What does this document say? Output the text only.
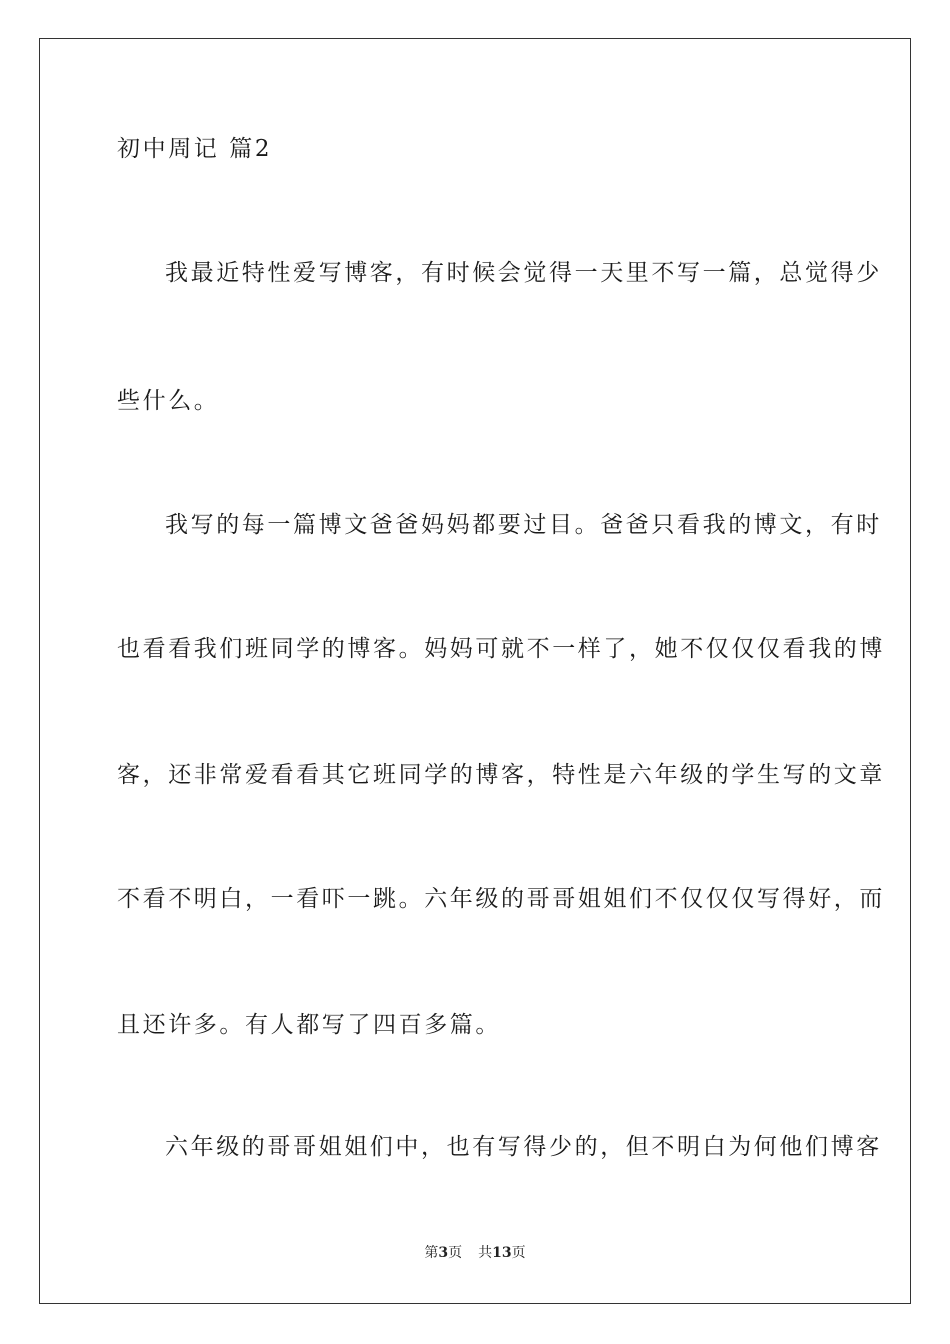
初中周记 篇2
我最近特性爱写博客，有时候会觉得一天里不写一篇，总觉得少
些什么。
我写的每一篇博文爸爸妈妈都要过目。爸爸只看我的博文，有时
也看看我们班同学的博客。妈妈可就不一样了，她不仅仅仅看我的博
客，还非常爱看看其它班同学的博客，特性是六年级的学生写的文章
不看不明白，一看吓一跳。六年级的哥哥姐姐们不仅仅仅写得好，而
且还许多。有人都写了四百多篇。
六年级的哥哥姐姐们中，也有写得少的，但不明白为何他们博客
第3页 共13页
